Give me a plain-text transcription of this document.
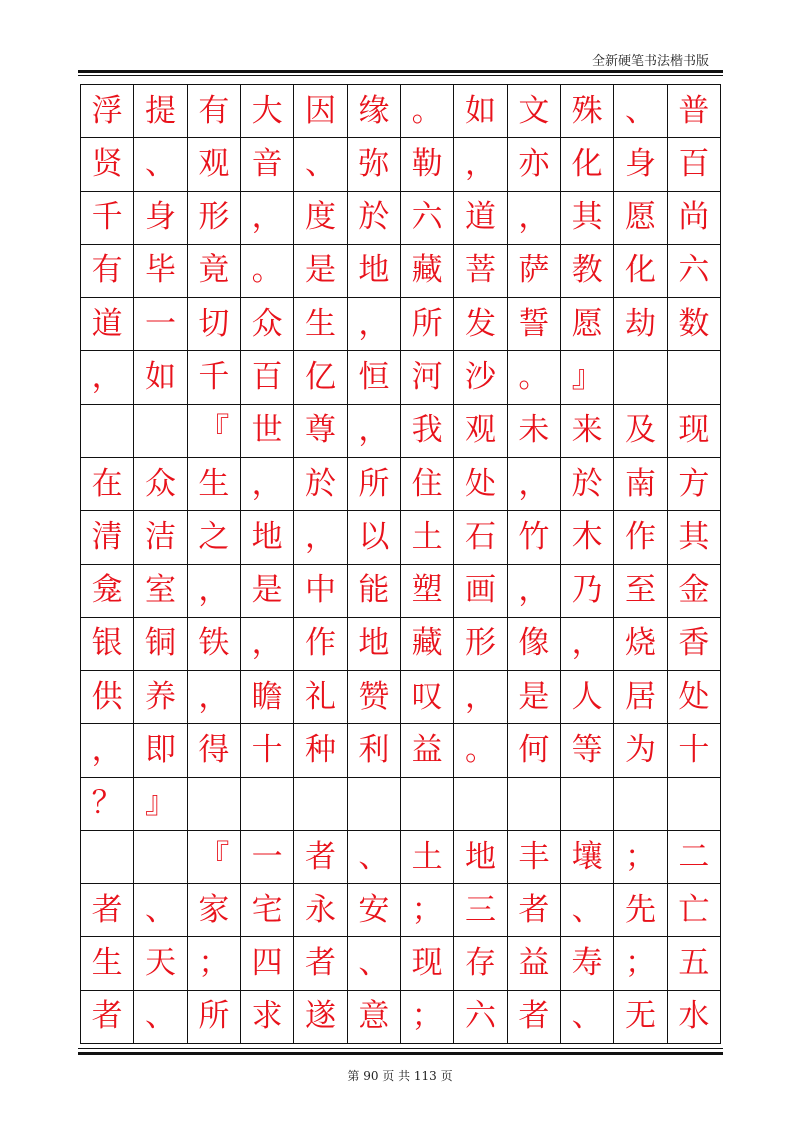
全新硬笔书法楷书版
浮 提 有 大 因 缘 。 如 文 殊 、 普
贤 、 观 音 、 弥 勒 ， 亦 化 身 百
千 身 形 ， 度 於 六 道 ， 其 愿 尚
有 毕 竟 。 是 地 藏 菩 萨 教 化 六
道 一 切 众 生 ， 所 发 誓 愿 劫 数
， 如 千 百 亿 恒 河 沙 。 』
『 世 尊 ， 我 观 未 来 及 现
在 众 生 ， 於 所 住 处 ， 於 南 方
清 洁 之 地 ， 以 土 石 竹 木 作 其
龛 室 ， 是 中 能 塑 画 ， 乃 至 金
银 铜 铁 ， 作 地 藏 形 像 ， 烧 香
供 养 ， 瞻 礼 赞 叹 ， 是 人 居 处
， 即 得 十 种 利 益 。 何 等 为 十
？ 』
『 一 者 、 土 地 丰 壤 ； 二
者 、 家 宅 永 安 ； 三 者 、 先 亡
生 天 ； 四 者 、 现 存 益 寿 ； 五
者 、 所 求 遂 意 ； 六 者 、 无 水
第 90 页 共 113 页
